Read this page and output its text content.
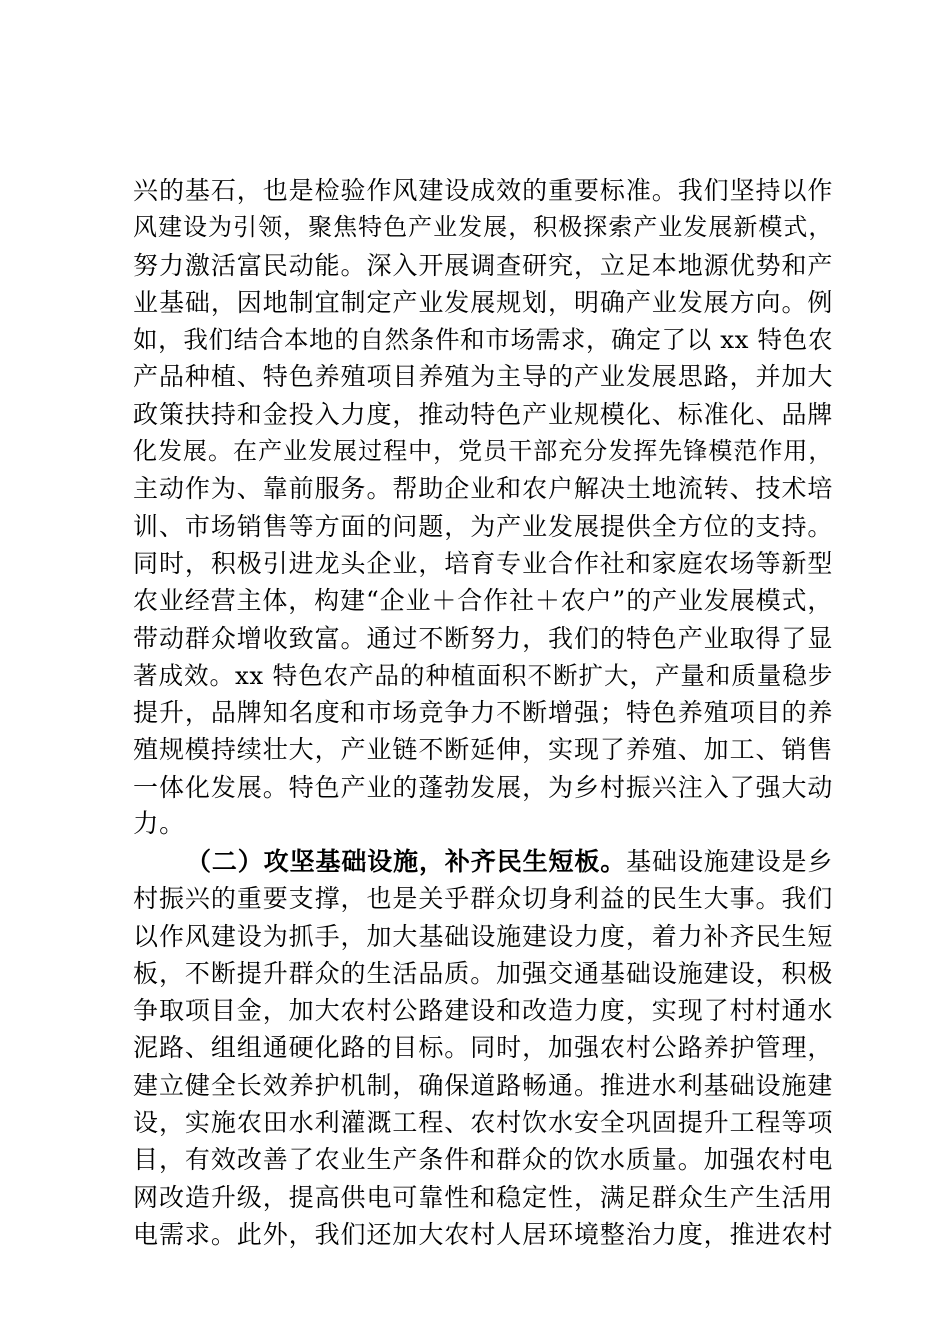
兴的基石，也是检验作风建设成效的重要标准。我们坚持以作
风建设为引领，聚焦特色产业发展，积极探索产业发展新模式，
努力激活富民动能。深入开展调查研究，立足本地源优势和产
业基础，因地制宜制定产业发展规划，明确产业发展方向。例
如，我们结合本地的自然条件和市场需求，确定了以 xx 特色农
产品种植、特色养殖项目养殖为主导的产业发展思路，并加大
政策扶持和金投入力度，推动特色产业规模化、标准化、品牌
化发展。在产业发展过程中，党员干部充分发挥先锋模范作用，
主动作为、靠前服务。帮助企业和农户解决土地流转、技术培
训、市场销售等方面的问题，为产业发展提供全方位的支持。
同时，积极引进龙头企业，培育专业合作社和家庭农场等新型
农业经营主体，构建“企业＋合作社＋农户”的产业发展模式，
带动群众增收致富。通过不断努力，我们的特色产业取得了显
著成效。xx 特色农产品的种植面积不断扩大，产量和质量稳步
提升，品牌知名度和市场竞争力不断增强；特色养殖项目的养
殖规模持续壮大，产业链不断延伸，实现了养殖、加工、销售
一体化发展。特色产业的蓬勃发展，为乡村振兴注入了强大动
力。
（二）攻坚基础设施，补齐民生短板。基础设施建设是乡
村振兴的重要支撑，也是关乎群众切身利益的民生大事。我们
以作风建设为抓手，加大基础设施建设力度，着力补齐民生短
板，不断提升群众的生活品质。加强交通基础设施建设，积极
争取项目金，加大农村公路建设和改造力度，实现了村村通水
泥路、组组通硬化路的目标。同时，加强农村公路养护管理，
建立健全长效养护机制，确保道路畅通。推进水利基础设施建
设，实施农田水利灌溉工程、农村饮水安全巩固提升工程等项
目，有效改善了农业生产条件和群众的饮水质量。加强农村电
网改造升级，提高供电可靠性和稳定性，满足群众生产生活用
电需求。此外，我们还加大农村人居环境整治力度，推进农村
